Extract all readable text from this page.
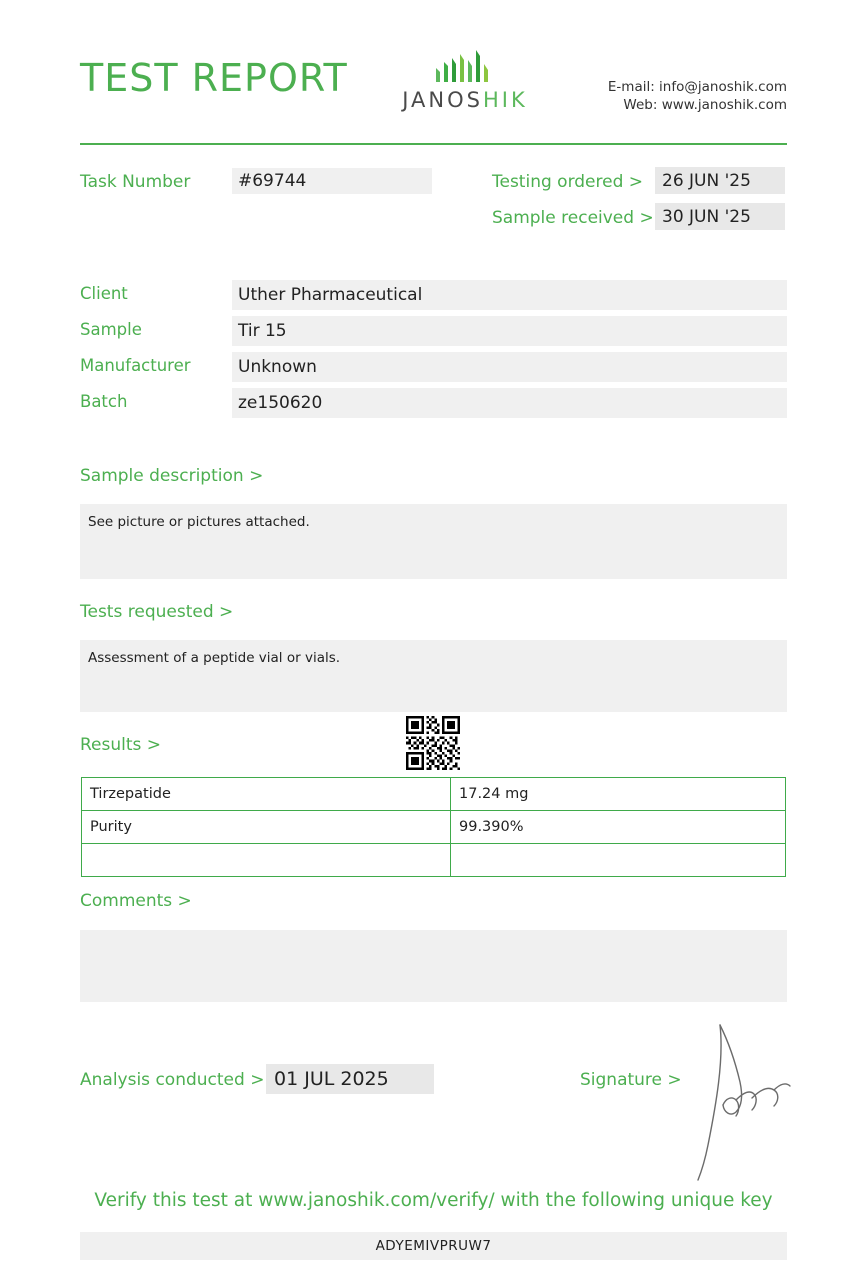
TEST REPORT	JANOSHIK
E-mail: info@janoshik.com
Web: www.janoshik.com
Task Number	#69744	Testing ordered >	26 JUN '25
Sample received > 30 JUN '25
Client	Uther Pharmaceutical
Sample	Tir 15
Manufacturer	Unknown
Batch	ze150620
Sample description >
See picture or pictures attached.
Tests requested >
Assessment of a peptide vial or vials.
Results >
Tirzepatide	17.24 mg
Purity	99.390%

Comments >
Analysis conducted > 01 JUL 2025	Signature >
Verify this test at www.janoshik.com/verify/ with the following unique key
ADYEMIVPRUW7
